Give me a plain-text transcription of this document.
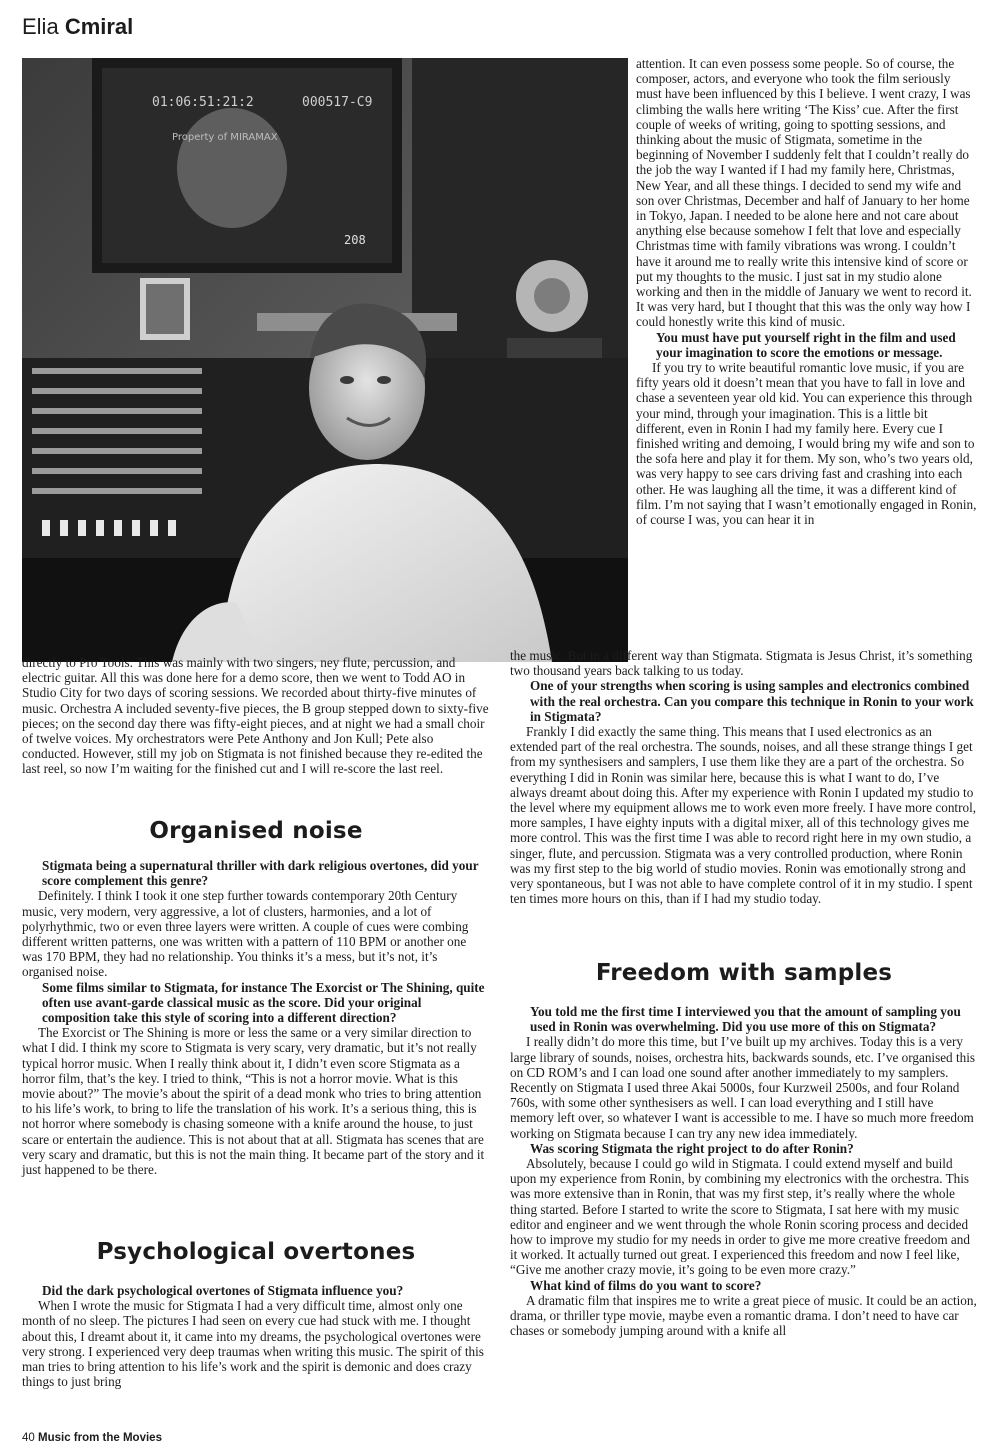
Elia Cmiral
01:06:51:21:2	000517-C9
Property of MIRAMAX
208

attention. It can even possess some people. So of course, the composer, actors, and everyone who took the film seriously must have been influenced by this I believe. I went crazy, I was climbing the walls here writing ‘The Kiss’ cue. After the first couple of weeks of writing, going to spotting sessions, and thinking about the music of Stigmata, sometime in the beginning of November I suddenly felt that I couldn’t really do the job the way I wanted if I had my family here, Christmas, New Year, and all these things. I decided to send my wife and son over Christmas, December and half of January to her home in Tokyo, Japan. I needed to be alone here and not care about anything else because somehow I felt that love and especially Christmas time with family vibrations was wrong. I couldn’t have it around me to really write this intensive kind of score or put my thoughts to the music. I just sat in my studio alone working and then in the middle of January we went to record it. It was very hard, but I thought that this was the only way how I could honestly write this kind of music.

You must have put yourself right in the film and used your imagination to score the emotions or message.

If you try to write beautiful romantic love music, if you are fifty years old it doesn’t mean that you have to fall in love and chase a seventeen year old kid. You can experience this through your mind, through your imagination. This is a little bit different, even in Ronin I had my family here. Every cue I finished writing and demoing, I would bring my wife and son to the sofa here and play it for them. My son, who’s two years old, was very happy to see cars driving fast and crashing into each other. He was laughing all the time, it was a different kind of film. I’m not saying that I wasn’t emotionally engaged in Ronin, of course I was, you can hear it in

the music. But in a different way than Stigmata. Stigmata is Jesus Christ, it’s something two thousand years back talking to us today.

One of your strengths when scoring is using samples and electronics combined with the real orchestra. Can you compare this technique in Ronin to your work in Stigmata?

Frankly I did exactly the same thing. This means that I used electronics as an extended part of the real orchestra. The sounds, noises, and all these strange things I get from my synthesisers and samplers, I use them like they are a part of the orchestra. So everything I did in Ronin was similar here, because this is what I want to do, I’ve always dreamt about doing this. After my experience with Ronin I updated my studio to the level where my equipment allows me to work even more freely. I have more control, more samples, I have eighty inputs with a digital mixer, all of this technology gives me more control. This was the first time I was able to record right here in my own studio, a singer, flute, and percussion. Stigmata was a very controlled production, where Ronin was my first step to the big world of studio movies. Ronin was emotionally strong and very spontaneous, but I was not able to have complete control of it in my studio. I spent ten times more hours on this, than if I had my studio today.

directly to Pro Tools. This was mainly with two singers, ney flute, percussion, and electric guitar. All this was done here for a demo score, then we went to Todd AO in Studio City for two days of scoring sessions. We recorded about thirty-five minutes of music. Orchestra A included seventy-five pieces, the B group stepped down to sixty-five pieces; on the second day there was fifty-eight pieces, and at night we had a small choir of twelve voices. My orchestrators were Pete Anthony and Jon Kull; Pete also conducted. However, still my job on Stigmata is not finished because they re-edited the last reel, so now I’m waiting for the finished cut and I will re-score the last reel.

Organised noise

Stigmata being a supernatural thriller with dark religious overtones, did your score complement this genre?

Definitely. I think I took it one step further towards contemporary 20th Century music, very modern, very aggressive, a lot of clusters, harmonies, and a lot of polyrhythmic, two or even three layers were written. A couple of cues were combing different written patterns, one was written with a pattern of 110 BPM or another one was 170 BPM, they had no relationship. You thinks it’s a mess, but it’s not, it’s organised noise.

Some films similar to Stigmata, for instance The Exorcist or The Shining, quite often use avant-garde classical music as the score. Did your original composition take this style of scoring into a different direction?

The Exorcist or The Shining is more or less the same or a very similar direction to what I did. I think my score to Stigmata is very scary, very dramatic, but it’s not really typical horror music. When I really think about it, I didn’t even score Stigmata as a horror film, that’s the key. I tried to think, “This is not a horror movie. What is this movie about?” The movie’s about the spirit of a dead monk who tries to bring attention to his life’s work, to bring to life the translation of his work. It’s a serious thing, this is not horror where somebody is chasing someone with a knife around the house, to just scare or entertain the audience. This is not about that at all. Stigmata has scenes that are very scary and dramatic, but this is not the main thing. It became part of the story and it just happened to be there.

Psychological overtones

Did the dark psychological overtones of Stigmata influence you?

When I wrote the music for Stigmata I had a very difficult time, almost only one month of no sleep. The pictures I had seen on every cue had stuck with me. I thought about this, I dreamt about it, it came into my dreams, the psychological overtones were very strong. I experienced very deep traumas when writing this music. The spirit of this man tries to bring attention to his life’s work and the spirit is demonic and does crazy things to just bring

Freedom with samples

You told me the first time I interviewed you that the amount of sampling you used in Ronin was overwhelming. Did you use more of this on Stigmata?

I really didn’t do more this time, but I’ve built up my archives. Today this is a very large library of sounds, noises, orchestra hits, backwards sounds, etc. I’ve organised this on CD ROM’s and I can load one sound after another immediately to my samplers. Recently on Stigmata I used three Akai 5000s, four Kurzweil 2500s, and four Roland 760s, with some other synthesisers as well. I can load everything and I still have memory left over, so whatever I want is accessible to me. I have so much more freedom working on Stigmata because I can try any new idea immediately.

Was scoring Stigmata the right project to do after Ronin?

Absolutely, because I could go wild in Stigmata. I could extend myself and build upon my experience from Ronin, by combining my electronics with the orchestra. This was more extensive than in Ronin, that was my first step, it’s really where the whole thing started. Before I started to write the score to Stigmata, I sat here with my music editor and engineer and we went through the whole Ronin scoring process and decided how to improve my studio for my needs in order to give me more creative freedom and it worked. It actually turned out great. I experienced this freedom and now I feel like, “Give me another crazy movie, it’s going to be even more crazy.”

What kind of films do you want to score?

A dramatic film that inspires me to write a great piece of music. It could be an action, drama, or thriller type movie, maybe even a romantic drama. I don’t need to have car chases or somebody jumping around with a knife all

40 Music from the Movies
